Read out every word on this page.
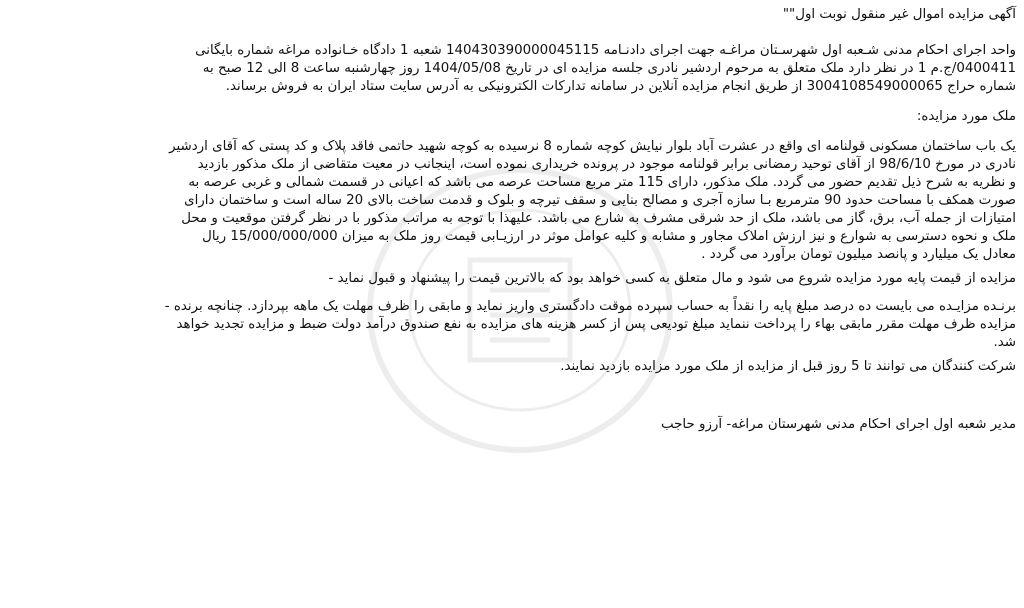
آگهی مزایده اموال غیر منقول نوبت اول""
واحد اجرای احکام مدنی شـعبه اول شهرسـتان مراغـه جهت اجرای دادنـامه 140430390000045115 شعبه 1 دادگاه خـانواده مراغه شماره بایگانی
0400411/ج.م 1 در نظر دارد ملک متعلق به مرحوم اردشیر نادری جلسه مزایده ای در تاریخ 1404/05/08 روز چهارشنبه ساعت 8 الی 12 صبح به
شماره حراج 300410854900006​5 از طریق انجام مزایده آنلاین در سامانه تدارکات الکترونیکی به آدرس سایت ستاد ایران به فروش برساند.
ملک مورد مزایده:
یک باب ساختمان مسکونی قولنامه ای واقع در عشرت آباد بلوار نیایش کوچه شماره 8 نرسیده به کوچه شهید حاتمی فاقد پلاک و کد پستی که آقای اردشیر
نادری در مورخ 98/6/10 از آقای توحید رمضانی برابر قولنامه موجود در پرونده خریداری نموده است، اینجانب در معیت متقاضی از ملک مذکور بازدید
و نظریه به شرح ذیل تقدیم حضور می گردد. ملک مذکور، دارای 115 متر مربع مساحت عرصه می باشد که اعیانی در قسمت شمالی و غربی عرصه به
صورت همکف با مساحت حدود 90 مترمربع بـا سازه آجری و مصالح بنایی و سقف تیرچه و بلوک و قدمت ساخت بالای 20 ساله است و ساختمان دارای
امتیازات از جمله آب، برق، گاز می باشد، ملک از حد شرقی مشرف به شارع می باشد. علیهذا با توجه به مراتب مذکور با در نظر گرفتن موقعیت و محل
ملک و نحوه دسترسی به شوارع و نیز ارزش املاک مجاور و مشابه و کلیه عوامل موثر در ارزیـابی قیمت روز ملک به میزان 15/000/000/000 ریال
معادل یک میلیارد و پانصد میلیون تومان برآورد می گردد .
مزایده از قیمت پایه مورد مزایده شروع می شود و مال متعلق به کسی خواهد بود که بالاترین قیمت را پیشنهاد و قبول نماید -
برنـده مزایـده می بایست ده درصد مبلغ پایه را نقداً به حساب سپرده موقت دادگستری واریز نماید و مابقی را ظرف مهلت یک ماهه بپردازد. چنانچه برنده -
مزایده ظرف مهلت مقرر مابقی بهاء را پرداخت ننماید مبلغ تودیعی پس از کسر هزینه های مزایده به نفع صندوق درآمد دولت ضبط و مزایده تجدید خواهد
شد.
شرکت کنندگان می توانند تا 5 روز قبل از مزایده از ملک مورد مزایده بازدید نمایند.
مدیر شعبه اول اجرای احکام مدنی شهرستان مراغه- آرزو حاجب
